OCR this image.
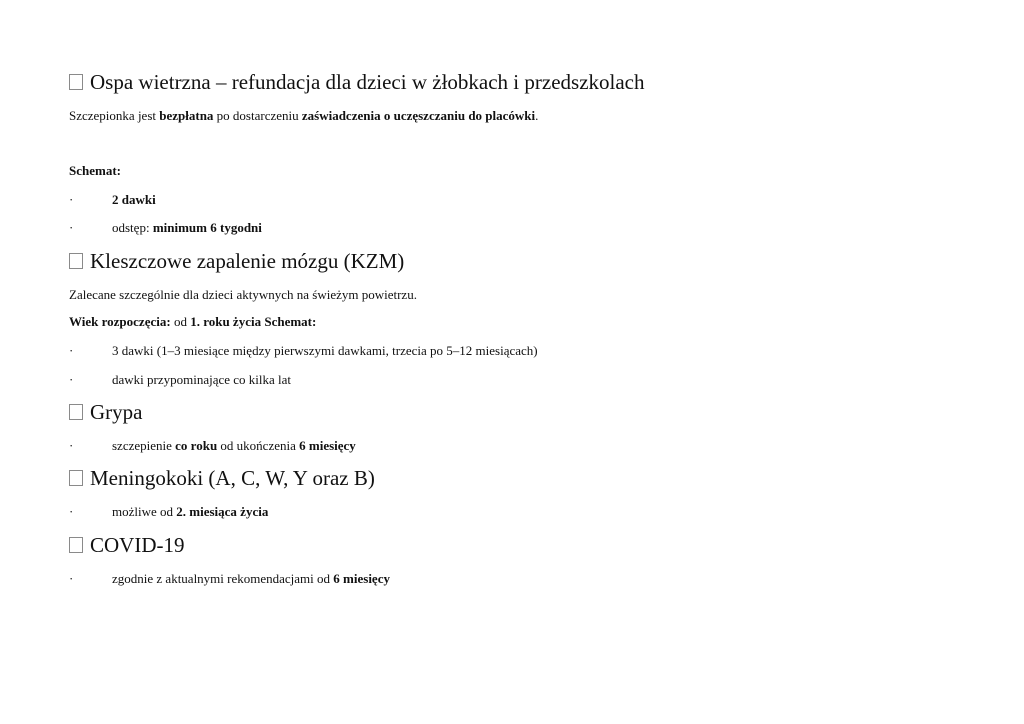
Ospa wietrzna – refundacja dla dzieci w żłobkach i przedszkolach
Szczepionka jest bezpłatna po dostarczeniu zaświadczenia o uczęszczaniu do placówki.
Schemat:
·	2 dawki
·	odstęp: minimum 6 tygodni
Kleszczowe zapalenie mózgu (KZM)
Zalecane szczególnie dla dzieci aktywnych na świeżym powietrzu.
Wiek rozpoczęcia: od 1. roku życia Schemat:
·	3 dawki (1–3 miesiące między pierwszymi dawkami, trzecia po 5–12 miesiącach)
·	dawki przypominające co kilka lat
Grypa
·	szczepienie co roku od ukończenia 6 miesięcy
Meningokoki (A, C, W, Y oraz B)
·	możliwe od 2. miesiąca życia
COVID-19
·	zgodnie z aktualnymi rekomendacjami od 6 miesięcy
